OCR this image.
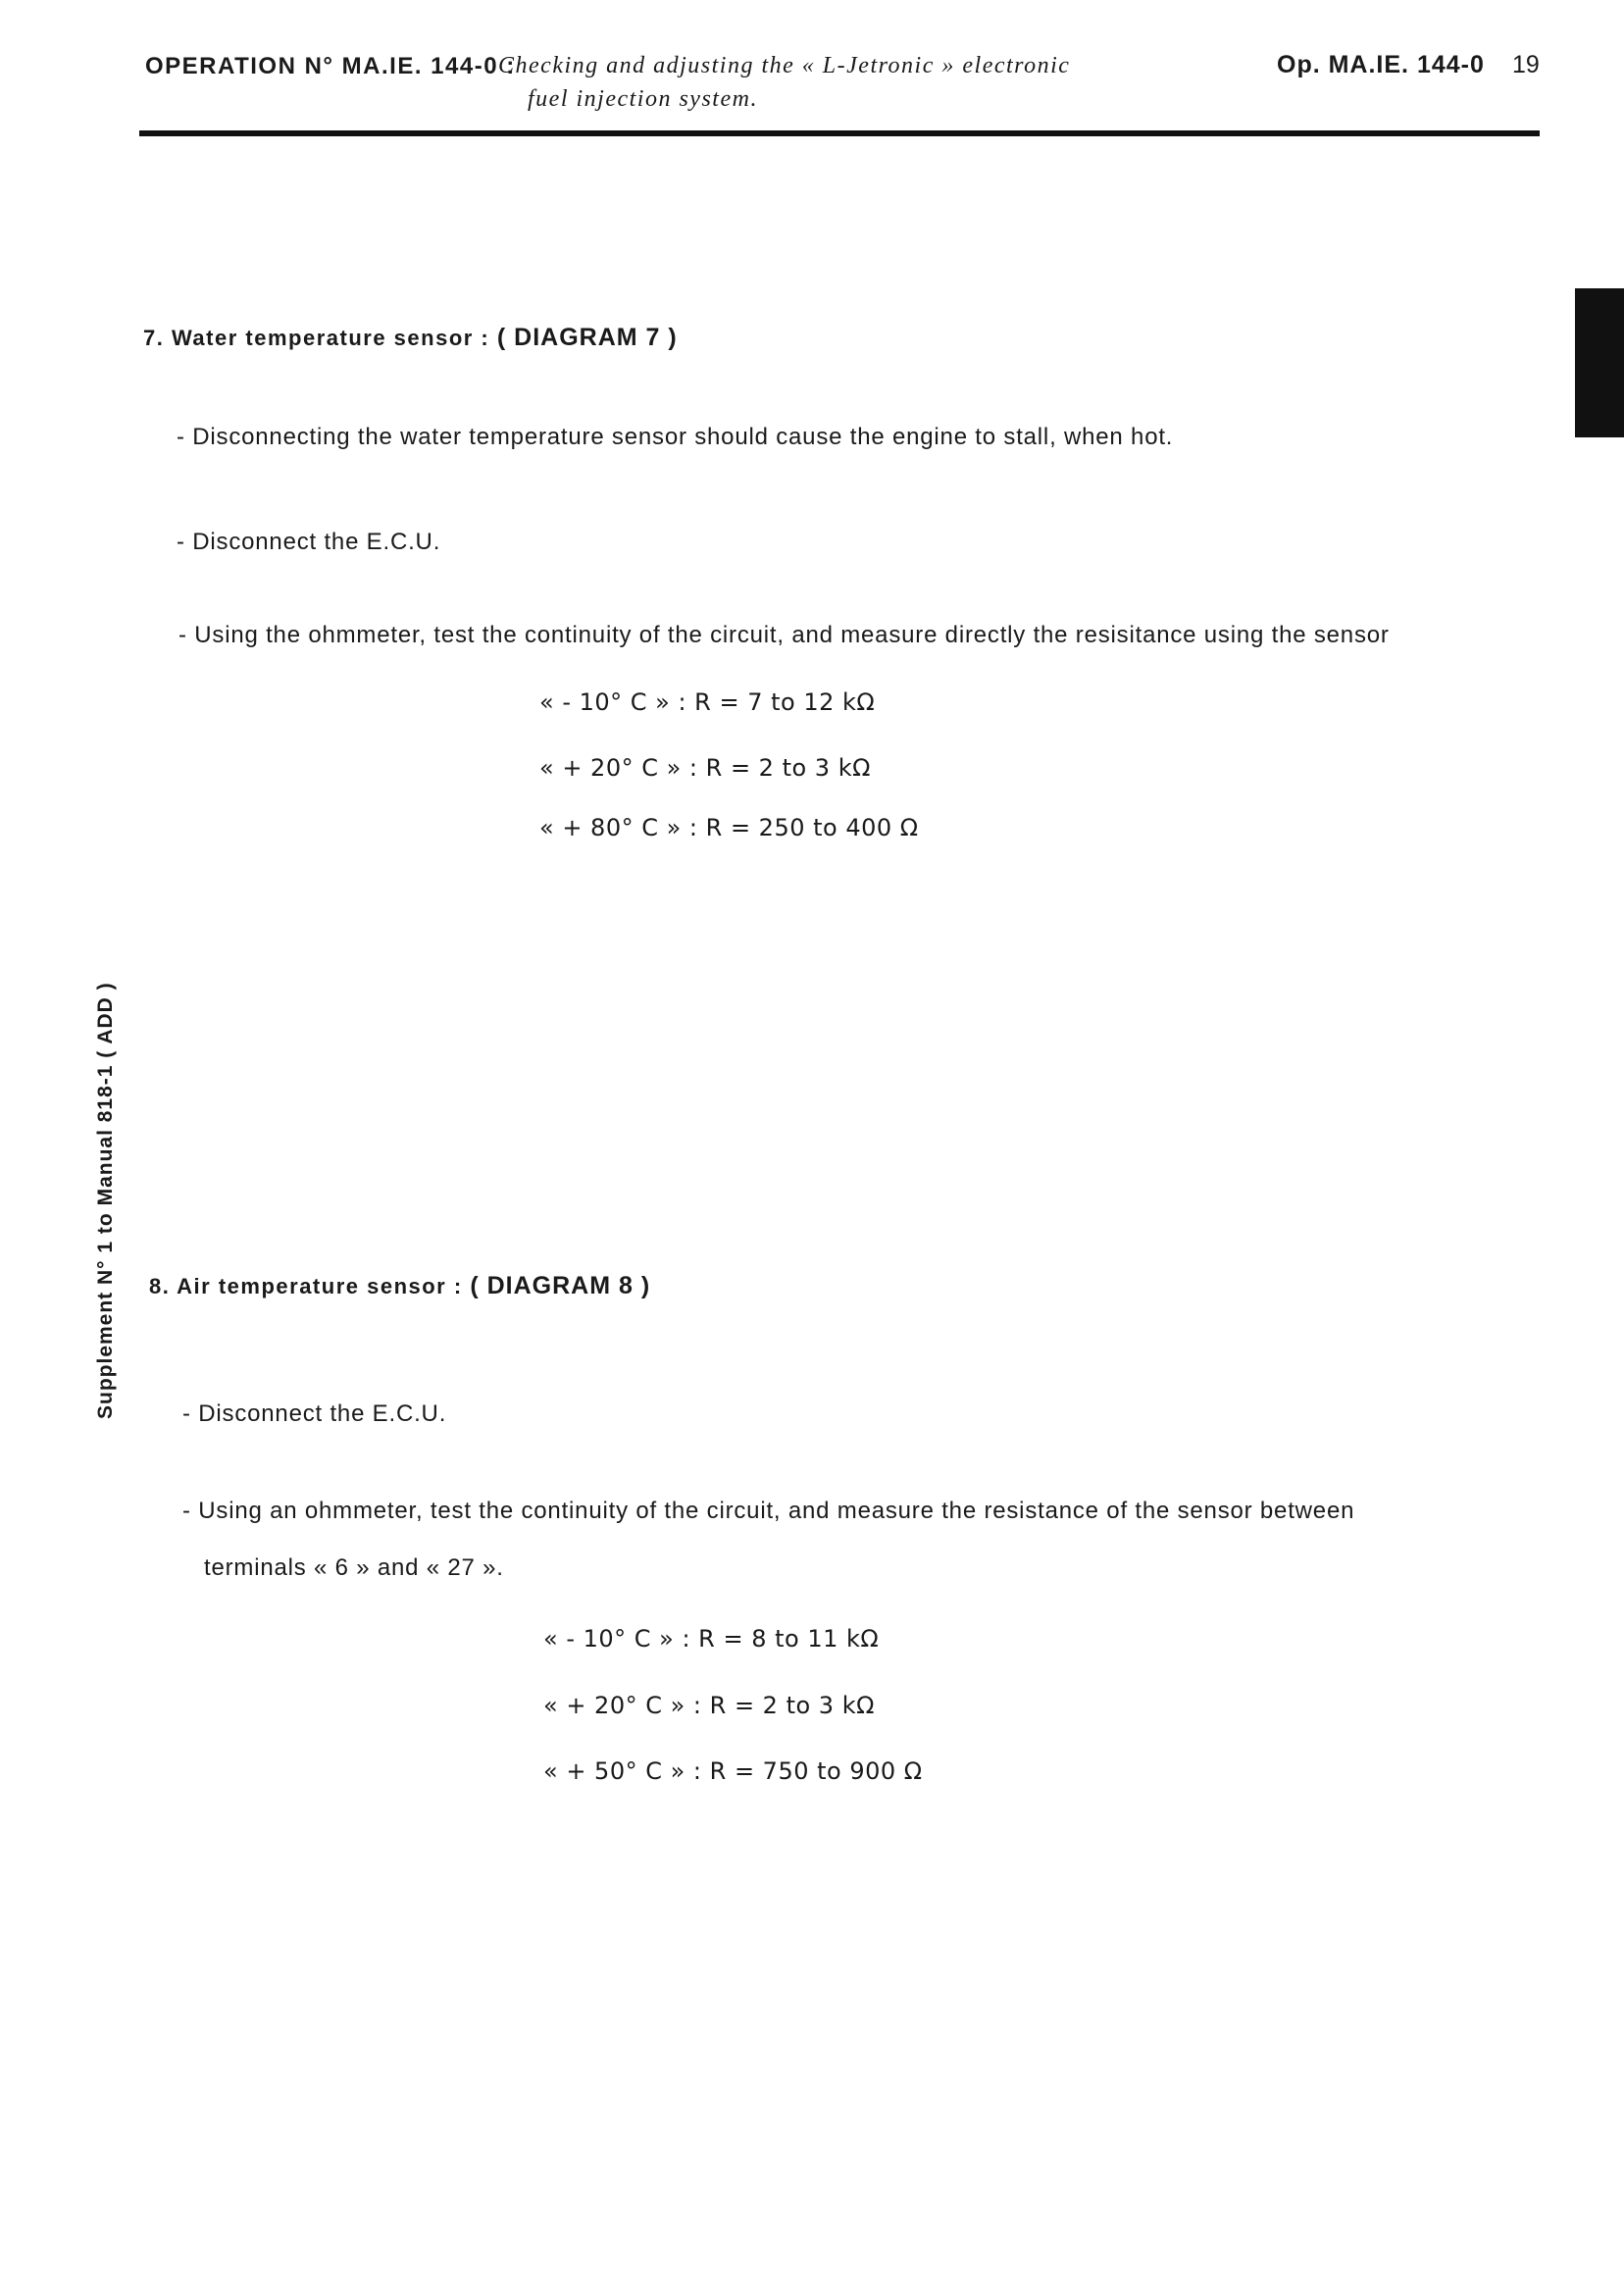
OPERATION N° MA.IE. 144-0 :
Checking and adjusting the « L-Jetronic » electronic
fuel injection system.
Op. MA.IE. 144-0 19
Supplement N° 1 to Manual 818-1 ( ADD )
7. Water temperature sensor : ( DIAGRAM 7 )
- Disconnecting the water temperature sensor should cause the engine to stall, when hot.
- Disconnect the E.C.U.
- Using the ohmmeter, test the continuity of the circuit, and measure directly the resisitance using the sensor
« - 10° C » : R = 7 to 12 kΩ
« + 20° C » : R = 2 to 3 kΩ
« + 80° C » : R = 250 to 400 Ω
8. Air temperature sensor : ( DIAGRAM 8 )
- Disconnect the E.C.U.
- Using an ohmmeter, test the continuity of the circuit, and measure the resistance of the sensor between
terminals « 6 » and « 27 ».
« - 10° C » : R = 8 to 11 kΩ
« + 20° C » : R = 2 to 3 kΩ
« + 50° C » : R = 750 to 900 Ω
